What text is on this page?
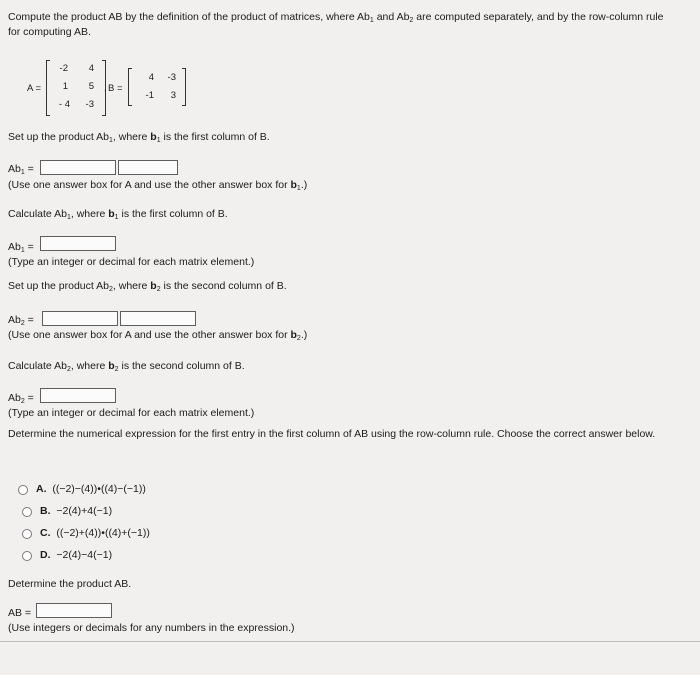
Compute the product AB by the definition of the product of matrices, where $Ab_1$ and $Ab_2$ are computed separately, and by the row-column rule for computing AB.
A =
-2	4
1	5
- 4	-3
, B =
4	-3
-1	3
Set up the product $Ab_1$, where $b_1$ is the first column of B.
$Ab_1$ =
(Use one answer box for A and use the other answer box for $b_1$.)
Calculate $Ab_1$, where $b_1$ is the first column of B.
$Ab_1$ =
(Type an integer or decimal for each matrix element.)
Set up the product $Ab_2$, where $b_2$ is the second column of B.
$Ab_2$ =
(Use one answer box for A and use the other answer box for $b_2$.)
Calculate $Ab_2$, where $b_2$ is the second column of B.
$Ab_2$ =
(Type an integer or decimal for each matrix element.)
Determine the numerical expression for the first entry in the first column of AB using the row-column rule. Choose the correct answer below.
A. ((−2)−(4))•((4)−(−1))
B. −2(4)+4(−1)
C. ((−2)+(4))•((4)+(−1))
D. −2(4)−4(−1)
Determine the product AB.
AB =
(Use integers or decimals for any numbers in the expression.)
